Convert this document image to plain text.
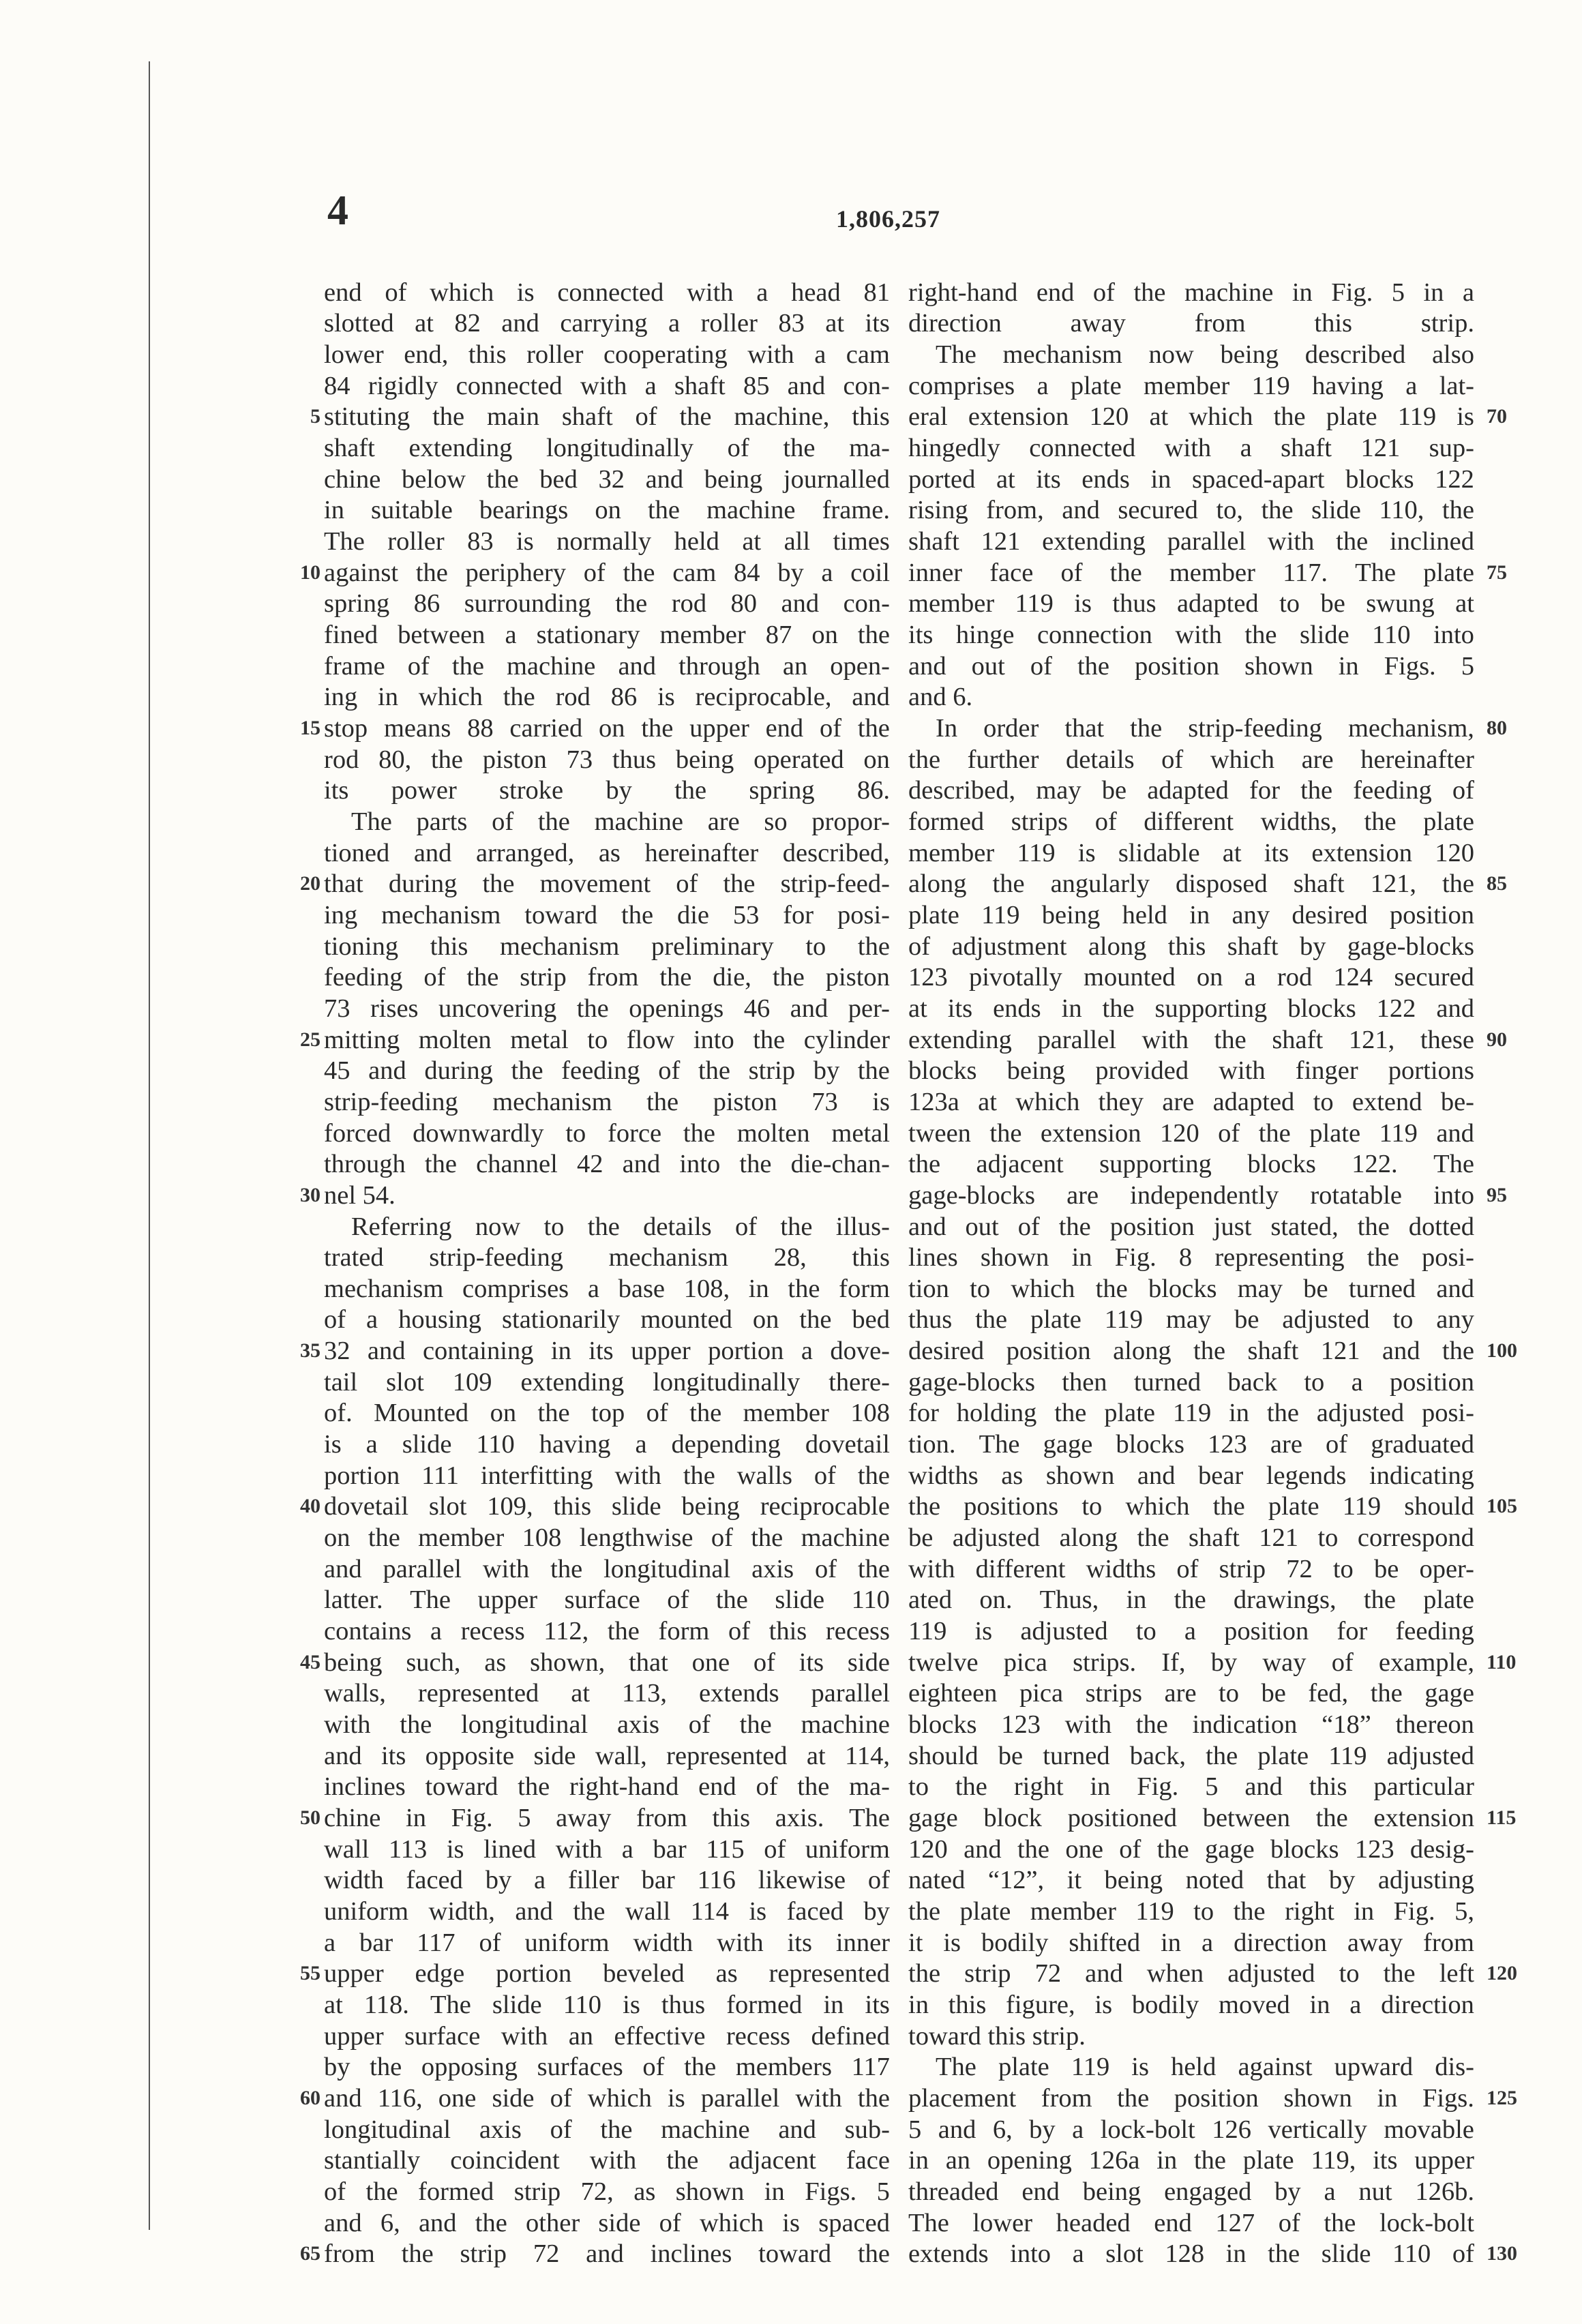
4	1,806,257
end of which is connected with a head 81
slotted at 82 and carrying a roller 83 at its
lower end, this roller cooperating with a cam
84 rigidly connected with a shaft 85 and con-
stituting the main shaft of the machine, this
shaft extending longitudinally of the ma-
chine below the bed 32 and being journalled
in suitable bearings on the machine frame.
The roller 83 is normally held at all times
against the periphery of the cam 84 by a coil
spring 86 surrounding the rod 80 and con-
fined between a stationary member 87 on the
frame of the machine and through an open-
ing in which the rod 86 is reciprocable, and
stop means 88 carried on the upper end of the
rod 80, the piston 73 thus being operated on
its power stroke by the spring 86.
The parts of the machine are so propor-
tioned and arranged, as hereinafter described,
that during the movement of the strip-feed-
ing mechanism toward the die 53 for posi-
tioning this mechanism preliminary to the
feeding of the strip from the die, the piston
73 rises uncovering the openings 46 and per-
mitting molten metal to flow into the cylinder
45 and during the feeding of the strip by the
strip-feeding mechanism the piston 73 is
forced downwardly to force the molten metal
through the channel 42 and into the die-chan-
nel 54.
Referring now to the details of the illus-
trated strip-feeding mechanism 28, this
mechanism comprises a base 108, in the form
of a housing stationarily mounted on the bed
32 and containing in its upper portion a dove-
tail slot 109 extending longitudinally there-
of. Mounted on the top of the member 108
is a slide 110 having a depending dovetail
portion 111 interfitting with the walls of the
dovetail slot 109, this slide being reciprocable
on the member 108 lengthwise of the machine
and parallel with the longitudinal axis of the
latter. The upper surface of the slide 110
contains a recess 112, the form of this recess
being such, as shown, that one of its side
walls, represented at 113, extends parallel
with the longitudinal axis of the machine
and its opposite side wall, represented at 114,
inclines toward the right-hand end of the ma-
chine in Fig. 5 away from this axis. The
wall 113 is lined with a bar 115 of uniform
width faced by a filler bar 116 likewise of
uniform width, and the wall 114 is faced by
a bar 117 of uniform width with its inner
upper edge portion beveled as represented
at 118. The slide 110 is thus formed in its
upper surface with an effective recess defined
by the opposing surfaces of the members 117
and 116, one side of which is parallel with the
longitudinal axis of the machine and sub-
stantially coincident with the adjacent face
of the formed strip 72, as shown in Figs. 5
and 6, and the other side of which is spaced
from the strip 72 and inclines toward the
right-hand end of the machine in Fig. 5 in a
direction	away	from	this	strip.
The mechanism now being described also
comprises a plate member 119 having a lat-
eral extension 120 at which the plate 119 is
hingedly connected with a shaft 121 sup-
ported at its ends in spaced-apart blocks 122
rising from, and secured to, the slide 110, the
shaft 121 extending parallel with the inclined
inner face of the member 117. The plate
member 119 is thus adapted to be swung at
its hinge connection with the slide 110 into
and out of the position shown in Figs. 5
and 6.
In order that the strip-feeding mechanism,
the further details of which are hereinafter
described, may be adapted for the feeding of
formed strips of different widths, the plate
member 119 is slidable at its extension 120
along the angularly disposed shaft 121, the
plate 119 being held in any desired position
of adjustment along this shaft by gage-blocks
123 pivotally mounted on a rod 124 secured
at its ends in the supporting blocks 122 and
extending parallel with the shaft 121, these
blocks being provided with finger portions
123a at which they are adapted to extend be-
tween the extension 120 of the plate 119 and
the adjacent supporting blocks 122. The
gage-blocks are independently rotatable into
and out of the position just stated, the dotted
lines shown in Fig. 8 representing the posi-
tion to which the blocks may be turned and
thus the plate 119 may be adjusted to any
desired position along the shaft 121 and the
gage-blocks then turned back to a position
for holding the plate 119 in the adjusted posi-
tion. The gage blocks 123 are of graduated
widths as shown and bear legends indicating
the positions to which the plate 119 should
be adjusted along the shaft 121 to correspond
with different widths of strip 72 to be oper-
ated on. Thus, in the drawings, the plate
119 is adjusted to a position for feeding
twelve pica strips. If, by way of example,
eighteen pica strips are to be fed, the gage
blocks 123 with the indication “18” thereon
should be turned back, the plate 119 adjusted
to the right in Fig. 5 and this particular
gage block positioned between the extension
120 and the one of the gage blocks 123 desig-
nated “12”, it being noted that by adjusting
the plate member 119 to the right in Fig. 5,
it is bodily shifted in a direction away from
the strip 72 and when adjusted to the left
in this figure, is bodily moved in a direction
toward this strip.
The plate 119 is held against upward dis-
placement from the position shown in Figs.
5 and 6, by a lock-bolt 126 vertically movable
in an opening 126a in the plate 119, its upper
threaded end being engaged by a nut 126b.
The lower headed end 127 of the lock-bolt
extends into a slot 128 in the slide 110 of
5
10
15
20
25
30
35
40
45
50
55
60
65
70
75
80
85
90
95
100
105
110
115
120
125
130
